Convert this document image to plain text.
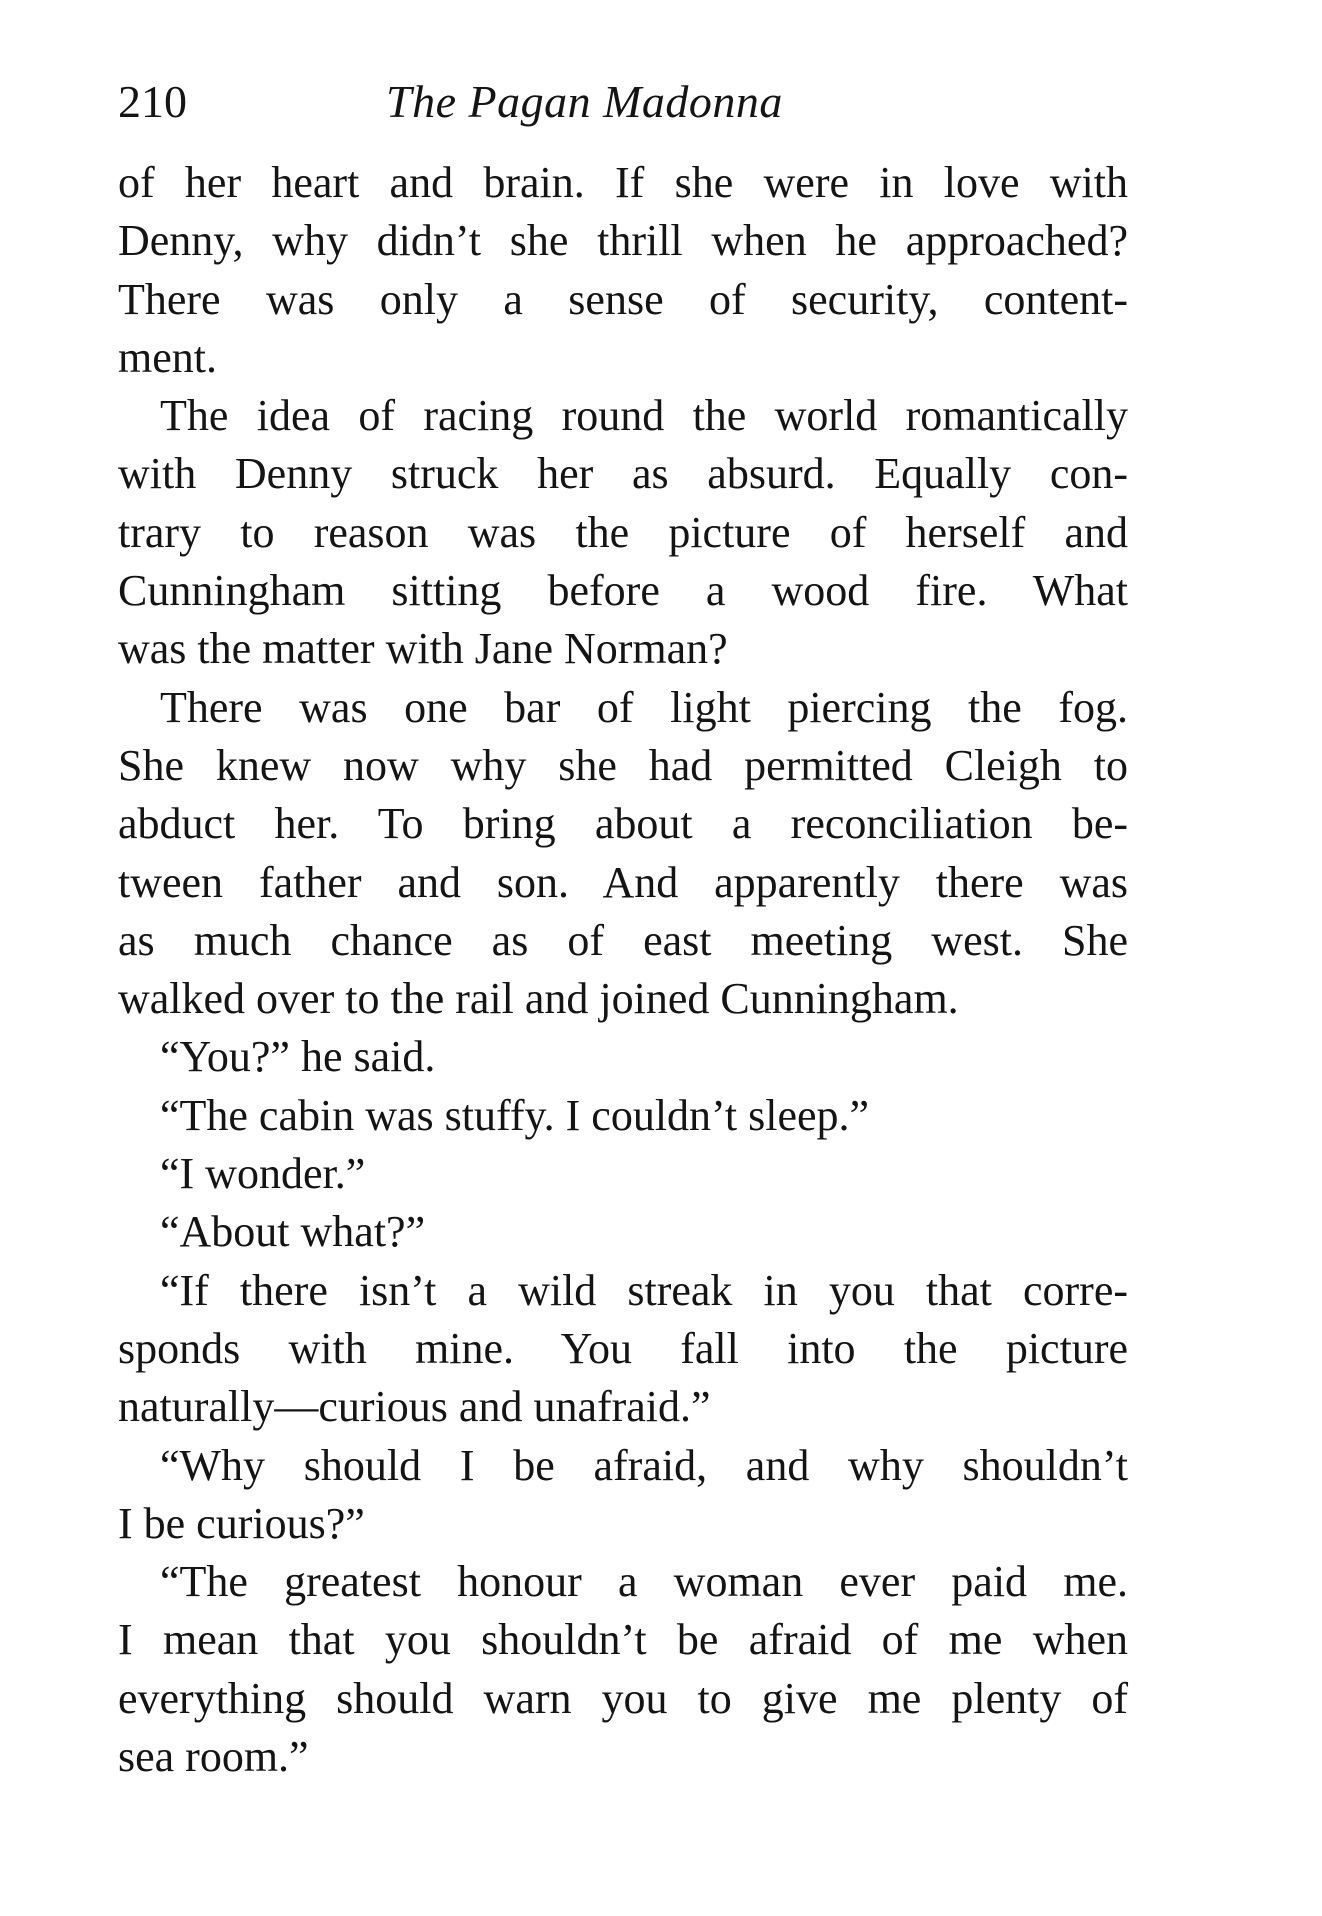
210	The Pagan Madonna

of her heart and brain. If she were in love with
Denny, why didn’t she thrill when he approached?
There was only a sense of security, content-
ment.

The idea of racing round the world romantically
with Denny struck her as absurd. Equally con-
trary to reason was the picture of herself and
Cunningham sitting before a wood fire. What
was the matter with Jane Norman?

There was one bar of light piercing the fog.
She knew now why she had permitted Cleigh to
abduct her. To bring about a reconciliation be-
tween father and son. And apparently there was
as much chance as of east meeting west. She
walked over to the rail and joined Cunningham.

“You?” he said.

“The cabin was stuffy. I couldn’t sleep.”

“I wonder.”

“About what?”

“If there isn’t a wild streak in you that corre-
sponds with mine. You fall into the picture
naturally—curious and unafraid.”

“Why should I be afraid, and why shouldn’t
I be curious?”

“The greatest honour a woman ever paid me.
I mean that you shouldn’t be afraid of me when
everything should warn you to give me plenty of
sea room.”
